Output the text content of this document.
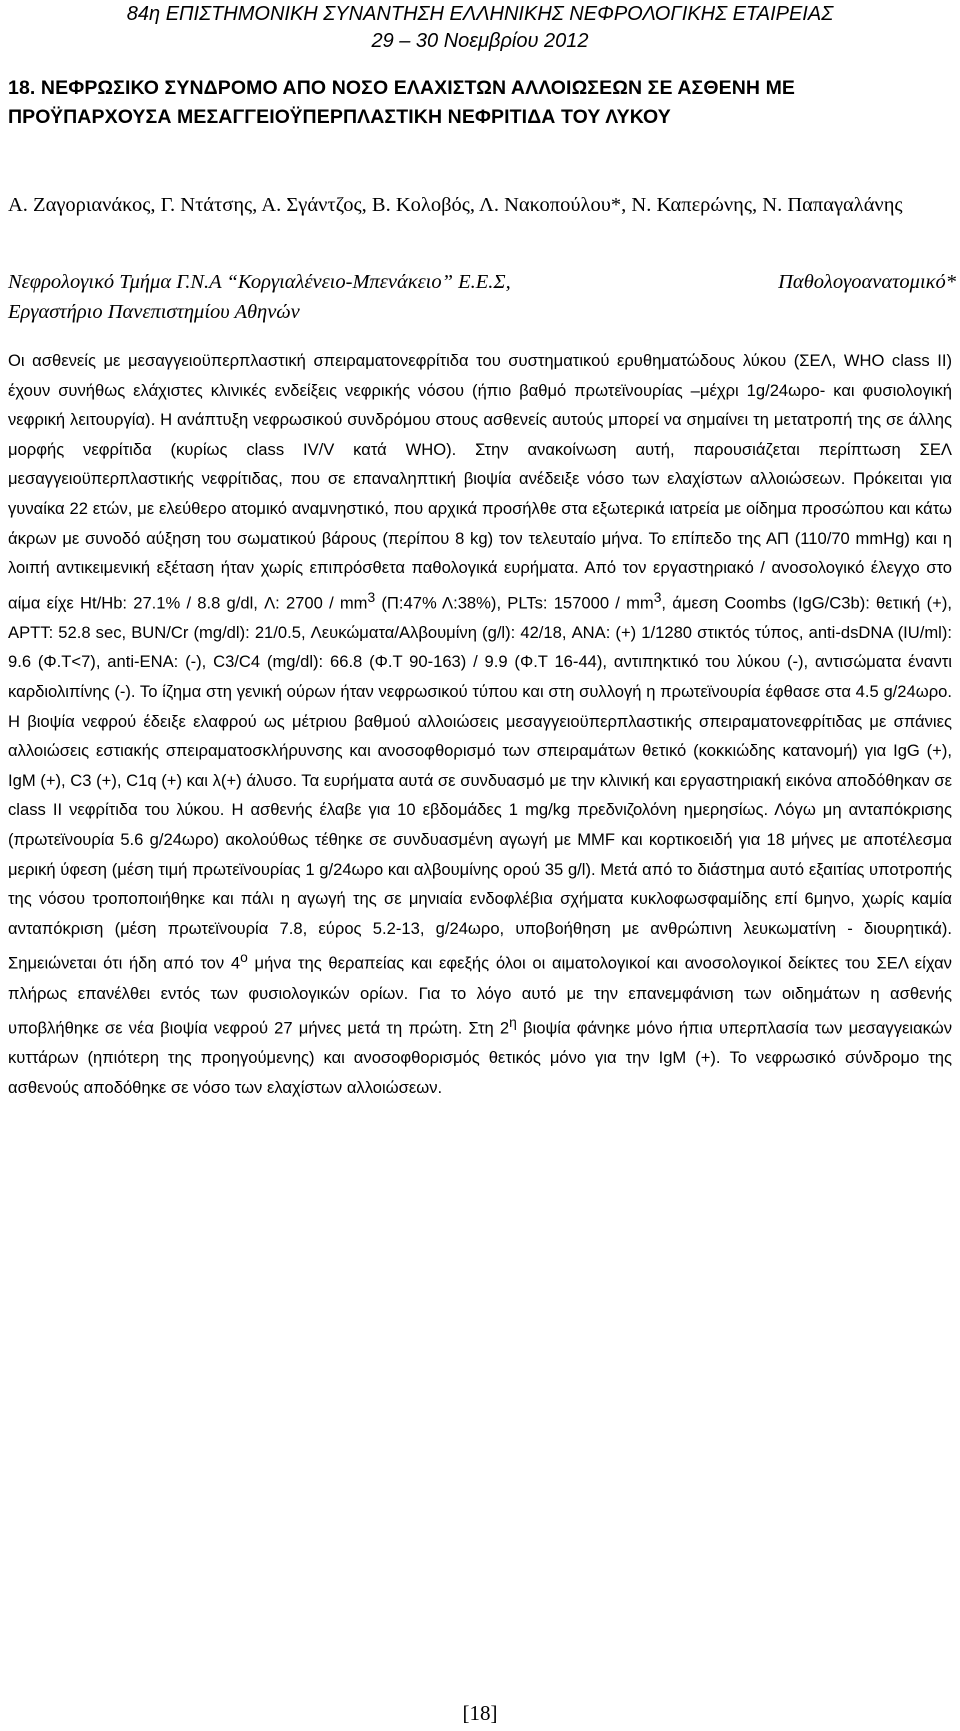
84η ΕΠΙΣΤΗΜΟΝΙΚΗ ΣΥΝΑΝΤΗΣΗ ΕΛΛΗΝΙΚΗΣ ΝΕΦΡΟΛΟΓΙΚΗΣ ΕΤΑΙΡΕΙΑΣ
29 – 30 Νοεμβρίου 2012
18. ΝΕΦΡΩΣΙΚΟ ΣΥΝΔΡΟΜΟ ΑΠΟ ΝΟΣΟ ΕΛΑΧΙΣΤΩΝ ΑΛΛΟΙΩΣΕΩΝ ΣΕ ΑΣΘΕΝΗ ΜΕ ΠΡΟΫΠΑΡΧΟΥΣΑ ΜΕΣΑΓΓΕΙΟΫΠΕΡΠΛΑΣΤΙΚΗ ΝΕΦΡΙΤΙΔΑ ΤΟΥ ΛΥΚΟΥ
Α. Ζαγοριανάκος, Γ. Ντάτσης, Α. Σγάντζος, Β. Κολοβός, Λ. Νακοπούλου*, Ν. Καπερώνης, Ν. Παπαγαλάνης
Νεφρολογικό Τμήμα Γ.Ν.Α “Κοργιαλένειο-Μπενάκειο” Ε.Ε.Σ,	Παθολογοανατομικό*
Εργαστήριο Πανεπιστημίου Αθηνών

Οι ασθενείς με μεσαγγειοϋπερπλαστική σπειραματονεφρίτιδα του συστηματικού ερυθηματώδους λύκου (ΣΕΛ, WHO class II) έχουν συνήθως ελάχιστες κλινικές ενδείξεις νεφρικής νόσου (ήπιο βαθμό πρωτεϊνουρίας –μέχρι 1g/24ωρο- και φυσιολογική νεφρική λειτουργία). Η ανάπτυξη νεφρωσικού συνδρόμου στους ασθενείς αυτούς μπορεί να σημαίνει τη μετατροπή της σε άλλης μορφής νεφρίτιδα (κυρίως class IV/V κατά WHO). Στην ανακοίνωση αυτή, παρουσιάζεται περίπτωση ΣΕΛ μεσαγγειοϋπερπλαστικής νεφρίτιδας, που σε επαναληπτική βιοψία ανέδειξε νόσο των ελαχίστων αλλοιώσεων. Πρόκειται για γυναίκα 22 ετών, με ελεύθερο ατομικό αναμνηστικό, που αρχικά προσήλθε στα εξωτερικά ιατρεία με οίδημα προσώπου και κάτω άκρων με συνοδό αύξηση του σωματικού βάρους (περίπου 8 kg) τον τελευταίο μήνα. Το επίπεδο της ΑΠ (110/70 mmHg) και η λοιπή αντικειμενική εξέταση ήταν χωρίς επιπρόσθετα παθολογικά ευρήματα. Από τον εργαστηριακό / ανοσολογικό έλεγχο στο αίμα είχε Ht/Hb: 27.1% / 8.8 g/dl, Λ: $2700 / mm^3$ (Π:47% Λ:38%), PLTs: $157000 / mm^3$, άμεση Coombs (IgG/C3b): θετική (+), APTT: 52.8 sec, BUN/Cr (mg/dl): 21/0.5, Λευκώματα/Αλβουμίνη (g/l): 42/18, ANA: (+) 1/1280 στικτός τύπος, anti-dsDNA (IU/ml): 9.6 (Φ.Τ<7), anti-ENA: (-), C3/C4 (mg/dl): 66.8 (Φ.Τ 90-163) / 9.9 (Φ.Τ 16-44), αντιπηκτικό του λύκου (-), αντισώματα έναντι καρδιολιπίνης (-). Το ίζημα στη γενική ούρων ήταν νεφρωσικού τύπου και στη συλλογή η πρωτεϊνουρία έφθασε στα 4.5 g/24ωρο. Η βιοψία νεφρού έδειξε ελαφρού ως μέτριου βαθμού αλλοιώσεις μεσαγγειοϋπερπλαστικής σπειραματονεφρίτιδας με σπάνιες αλλοιώσεις εστιακής σπειραματοσκλήρυνσης και ανοσοφθορισμό των σπειραμάτων θετικό (κοκκιώδης κατανομή) για IgG (+), IgM (+), C3 (+), C1q (+) και λ(+) άλυσο. Τα ευρήματα αυτά σε συνδυασμό με την κλινική και εργαστηριακή εικόνα αποδόθηκαν σε class II νεφρίτιδα του λύκου. Η ασθενής έλαβε για 10 εβδομάδες 1 mg/kg πρεδνιζολόνη ημερησίως. Λόγω μη ανταπόκρισης (πρωτεϊνουρία 5.6 g/24ωρο) ακολούθως τέθηκε σε συνδυασμένη αγωγή με MMF και κορτικοειδή για 18 μήνες με αποτέλεσμα μερική ύφεση (μέση τιμή πρωτεϊνουρίας 1 g/24ωρο και αλβουμίνης ορού 35 g/l). Μετά από το διάστημα αυτό εξαιτίας υποτροπής της νόσου τροποποιήθηκε και πάλι η αγωγή της σε μηνιαία ενδοφλέβια σχήματα κυκλοφωσφαμίδης επί 6μηνο, χωρίς καμία ανταπόκριση (μέση πρωτεϊνουρία 7.8, εύρος 5.2-13, g/24ωρο, υποβοήθηση με ανθρώπινη λευκωματίνη - διουρητικά). Σημειώνεται ότι ήδη από τον $4^o$ μήνα της θεραπείας και εφεξής όλοι οι αιματολογικοί και ανοσολογικοί δείκτες του ΣΕΛ είχαν πλήρως επανέλθει εντός των φυσιολογικών ορίων. Για το λόγο αυτό με την επανεμφάνιση των οιδημάτων η ασθενής υποβλήθηκε σε νέα βιοψία νεφρού 27 μήνες μετά τη πρώτη. Στη $2^\eta$ βιοψία φάνηκε μόνο ήπια υπερπλασία των μεσαγγειακών κυττάρων (ηπιότερη της προηγούμενης) και ανοσοφθορισμός θετικός μόνο για την IgM (+). Το νεφρωσικό σύνδρομο της ασθενούς αποδόθηκε σε νόσο των ελαχίστων αλλοιώσεων.

[18]
